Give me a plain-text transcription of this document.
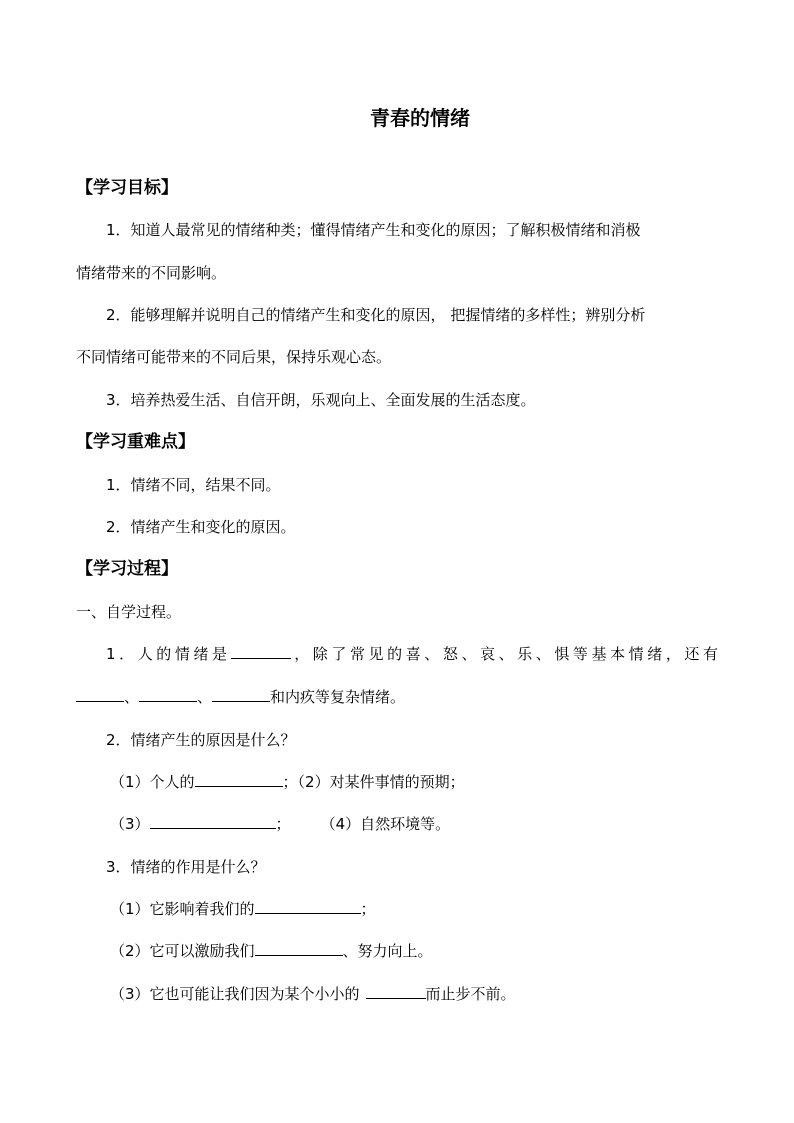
青春的情绪
【学习目标】
1．知道人最常见的情绪种类；懂得情绪产生和变化的原因；了解积极情绪和消极
情绪带来的不同影响。
2．能够理解并说明自己的情绪产生和变化的原因， 把握情绪的多样性；辨别分析
不同情绪可能带来的不同后果，保持乐观心态。
3．培养热爱生活、自信开朗，乐观向上、全面发展的生活态度。
【学习重难点】
1．情绪不同，结果不同。
2．情绪产生和变化的原因。
【学习过程】
一、自学过程。
1．人的情绪是	，除了常见的喜、怒、哀、乐、惧等基本情绪，还有
、	、	和内疚等复杂情绪。
2．情绪产生的原因是什么？
（1）个人的	；（2）对某件事情的预期；
（3）	； （4）自然环境等。
3．情绪的作用是什么？
（1）它影响着我们的	；
（2）它可以激励我们	、努力向上。
（3）它也可能让我们因为某个小小的	而止步不前。
